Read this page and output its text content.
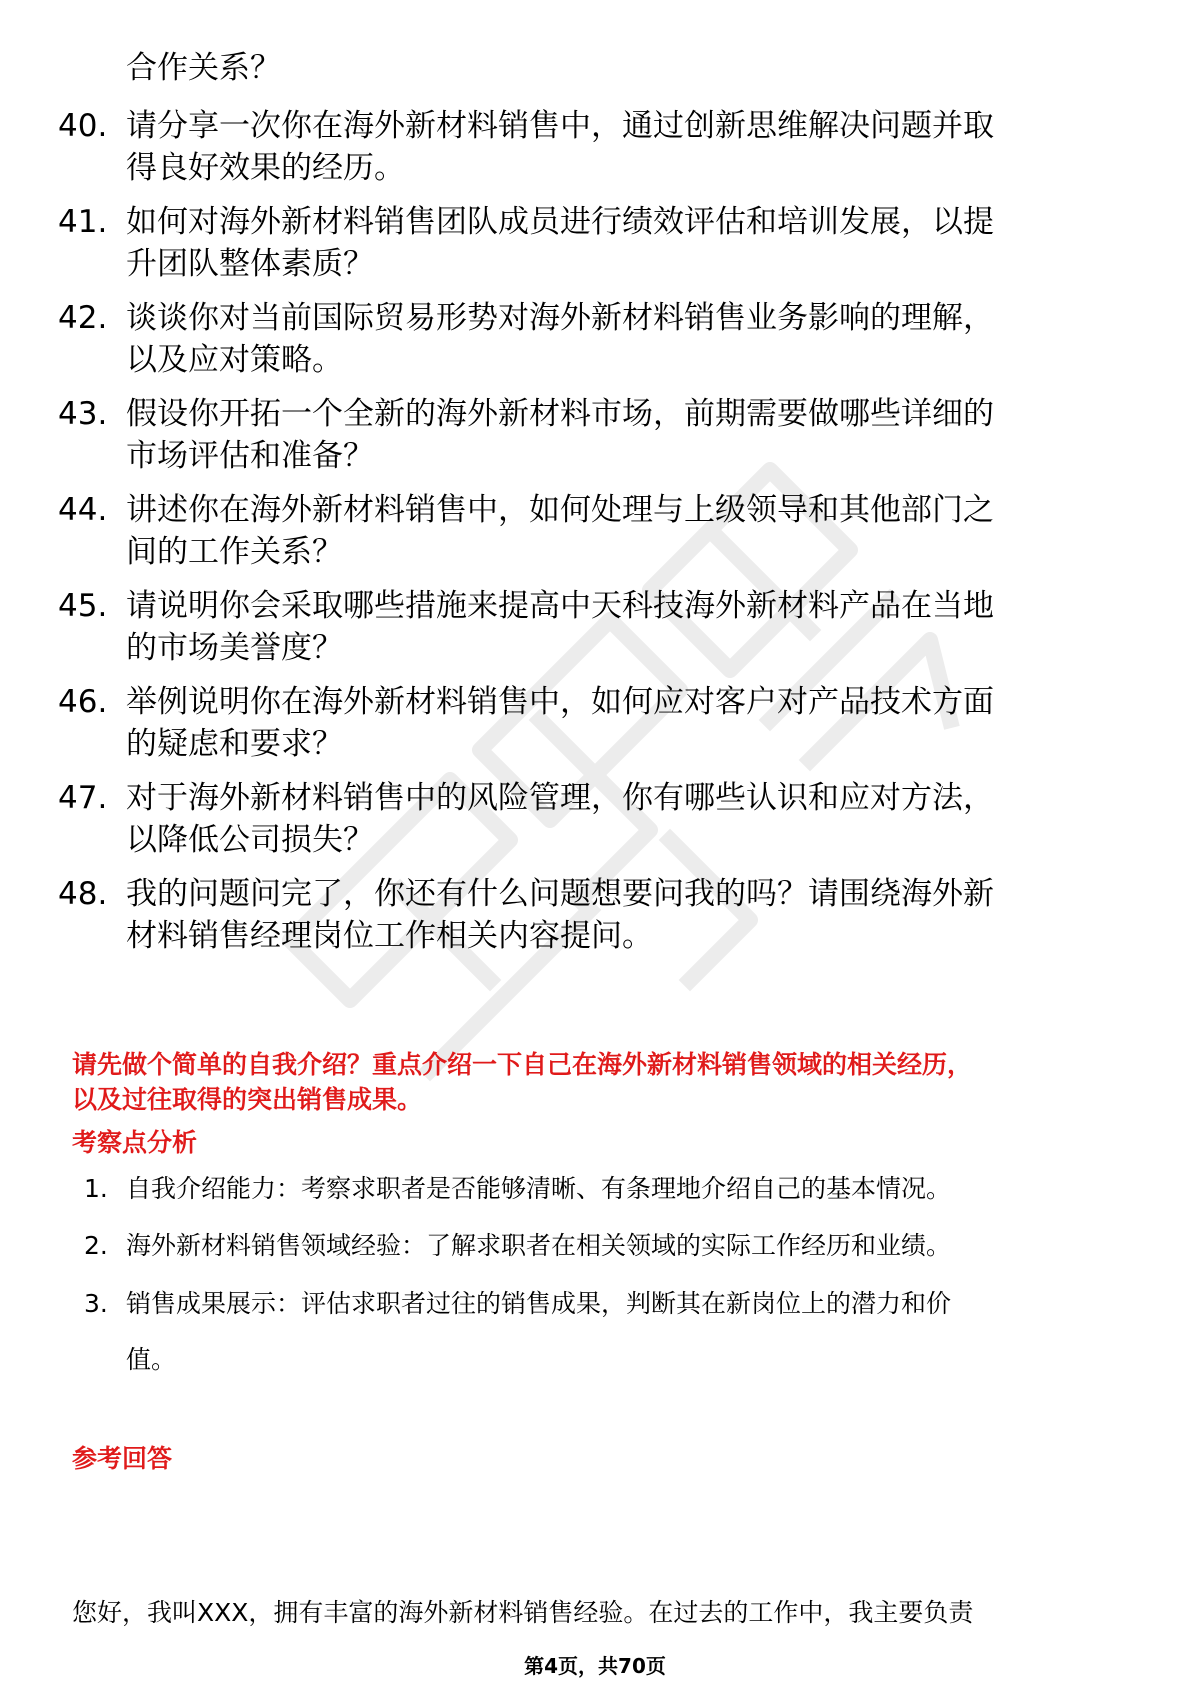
合作关系？
40. 请分享一次你在海外新材料销售中，通过创新思维解决问题并取
得良好效果的经历。
41. 如何对海外新材料销售团队成员进行绩效评估和培训发展，以提
升团队整体素质？
42. 谈谈你对当前国际贸易形势对海外新材料销售业务影响的理解，
以及应对策略。
43. 假设你开拓一个全新的海外新材料市场，前期需要做哪些详细的
市场评估和准备？
44. 讲述你在海外新材料销售中，如何处理与上级领导和其他部门之
间的工作关系？
45. 请说明你会采取哪些措施来提高中天科技海外新材料产品在当地
的市场美誉度？
46. 举例说明你在海外新材料销售中，如何应对客户对产品技术方面
的疑虑和要求？
47. 对于海外新材料销售中的风险管理，你有哪些认识和应对方法，
以降低公司损失？
48. 我的问题问完了，你还有什么问题想要问我的吗？请围绕海外新
材料销售经理岗位工作相关内容提问。
请先做个简单的自我介绍？重点介绍一下自己在海外新材料销售领域的相关经历，
以及过往取得的突出销售成果。
考察点分析
1. 自我介绍能力：考察求职者是否能够清晰、有条理地介绍自己的基本情况。
2. 海外新材料销售领域经验：了解求职者在相关领域的实际工作经历和业绩。
3. 销售成果展示：评估求职者过往的销售成果，判断其在新岗位上的潜力和价
值。
参考回答
您好，我叫XXX，拥有丰富的海外新材料销售经验。在过去的工作中，我主要负责
第4页，共70页
